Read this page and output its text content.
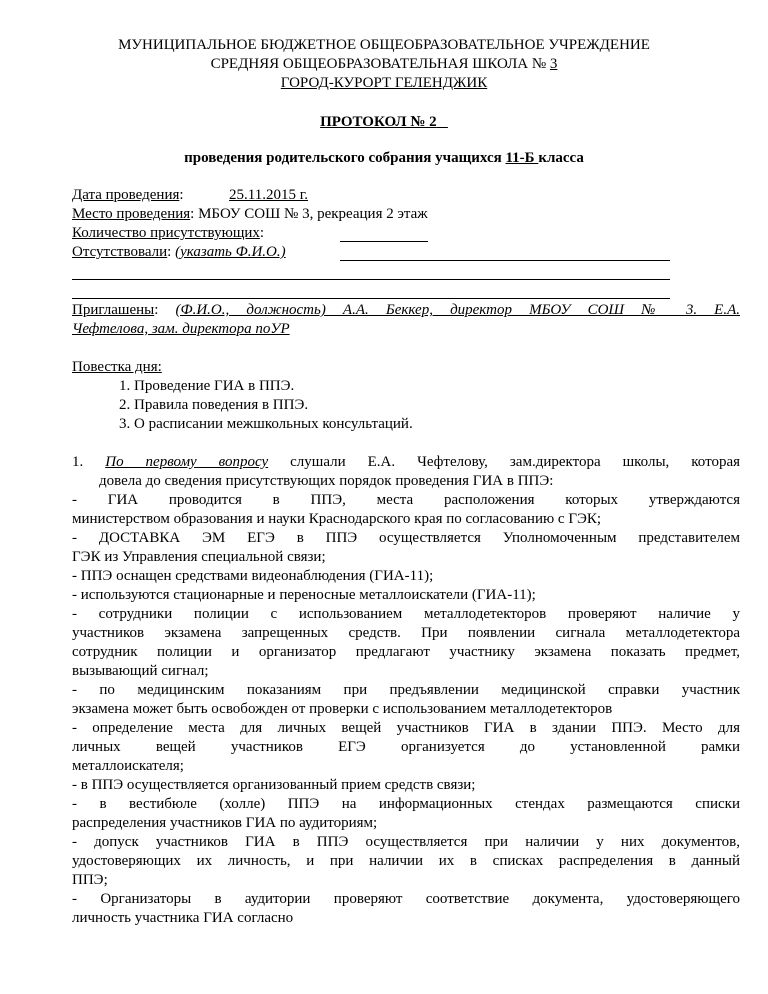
МУНИЦИПАЛЬНОЕ БЮДЖЕТНОЕ ОБЩЕОБРАЗОВАТЕЛЬНОЕ УЧРЕЖДЕНИЕ
СРЕДНЯЯ ОБЩЕОБРАЗОВАТЕЛЬНАЯ ШКОЛА № 3
ГОРОД-КУРОРТ ГЕЛЕНДЖИК
ПРОТОКОЛ № 2
проведения родительского собрания учащихся 11-Б класса
Дата проведения:	25.11.2015 г.
Место проведения: МБОУ СОШ № 3, рекреация 2 этаж
Количество присутствующих:
Отсутствовали: (указать Ф.И.О.)
Приглашены: (Ф.И.О., должность) А.А. Беккер, директор МБОУ СОШ № 3. Е.А.
Чефтелова, зам. директора поУР
Повестка дня:
1. Проведение ГИА в ППЭ.
2. Правила поведения в ППЭ.
3. О расписании межшкольных консультаций.
1. По первому вопросу слушали Е.А. Чефтелову, зам.директора школы, которая
довела до сведения присутствующих порядок проведения ГИА в ППЭ:
- ГИА проводится в ППЭ, места расположения которых утверждаются
министерством образования и науки Краснодарского края по согласованию с ГЭК;
- ДОСТАВКА ЭМ ЕГЭ в ППЭ осуществляется Уполномоченным представителем
ГЭК из Управления специальной связи;
- ППЭ оснащен средствами видеонаблюдения (ГИА-11);
- используются стационарные и переносные металлоискатели (ГИА-11);
- сотрудники полиции с использованием металлодетекторов проверяют наличие у
участников экзамена запрещенных средств. При появлении сигнала металлодетектора
сотрудник полиции и организатор предлагают участнику экзамена показать предмет,
вызывающий сигнал;
- по медицинским показаниям при предъявлении медицинской справки участник
экзамена может быть освобожден от проверки с использованием металлодетекторов
- определение места для личных вещей участников ГИА в здании ППЭ. Место для
личных вещей участников ЕГЭ организуется до установленной рамки
металлоискателя;
- в ППЭ осуществляется организованный прием средств связи;
- в вестибюле (холле) ППЭ на информационных стендах размещаются списки
распределения участников ГИА по аудиториям;
- допуск участников ГИА в ППЭ осуществляется при наличии у них документов,
удостоверяющих их личность, и при наличии их в списках распределения в данный
ППЭ;
- Организаторы в аудитории проверяют соответствие документа, удостоверяющего
личность участника ГИА согласно
